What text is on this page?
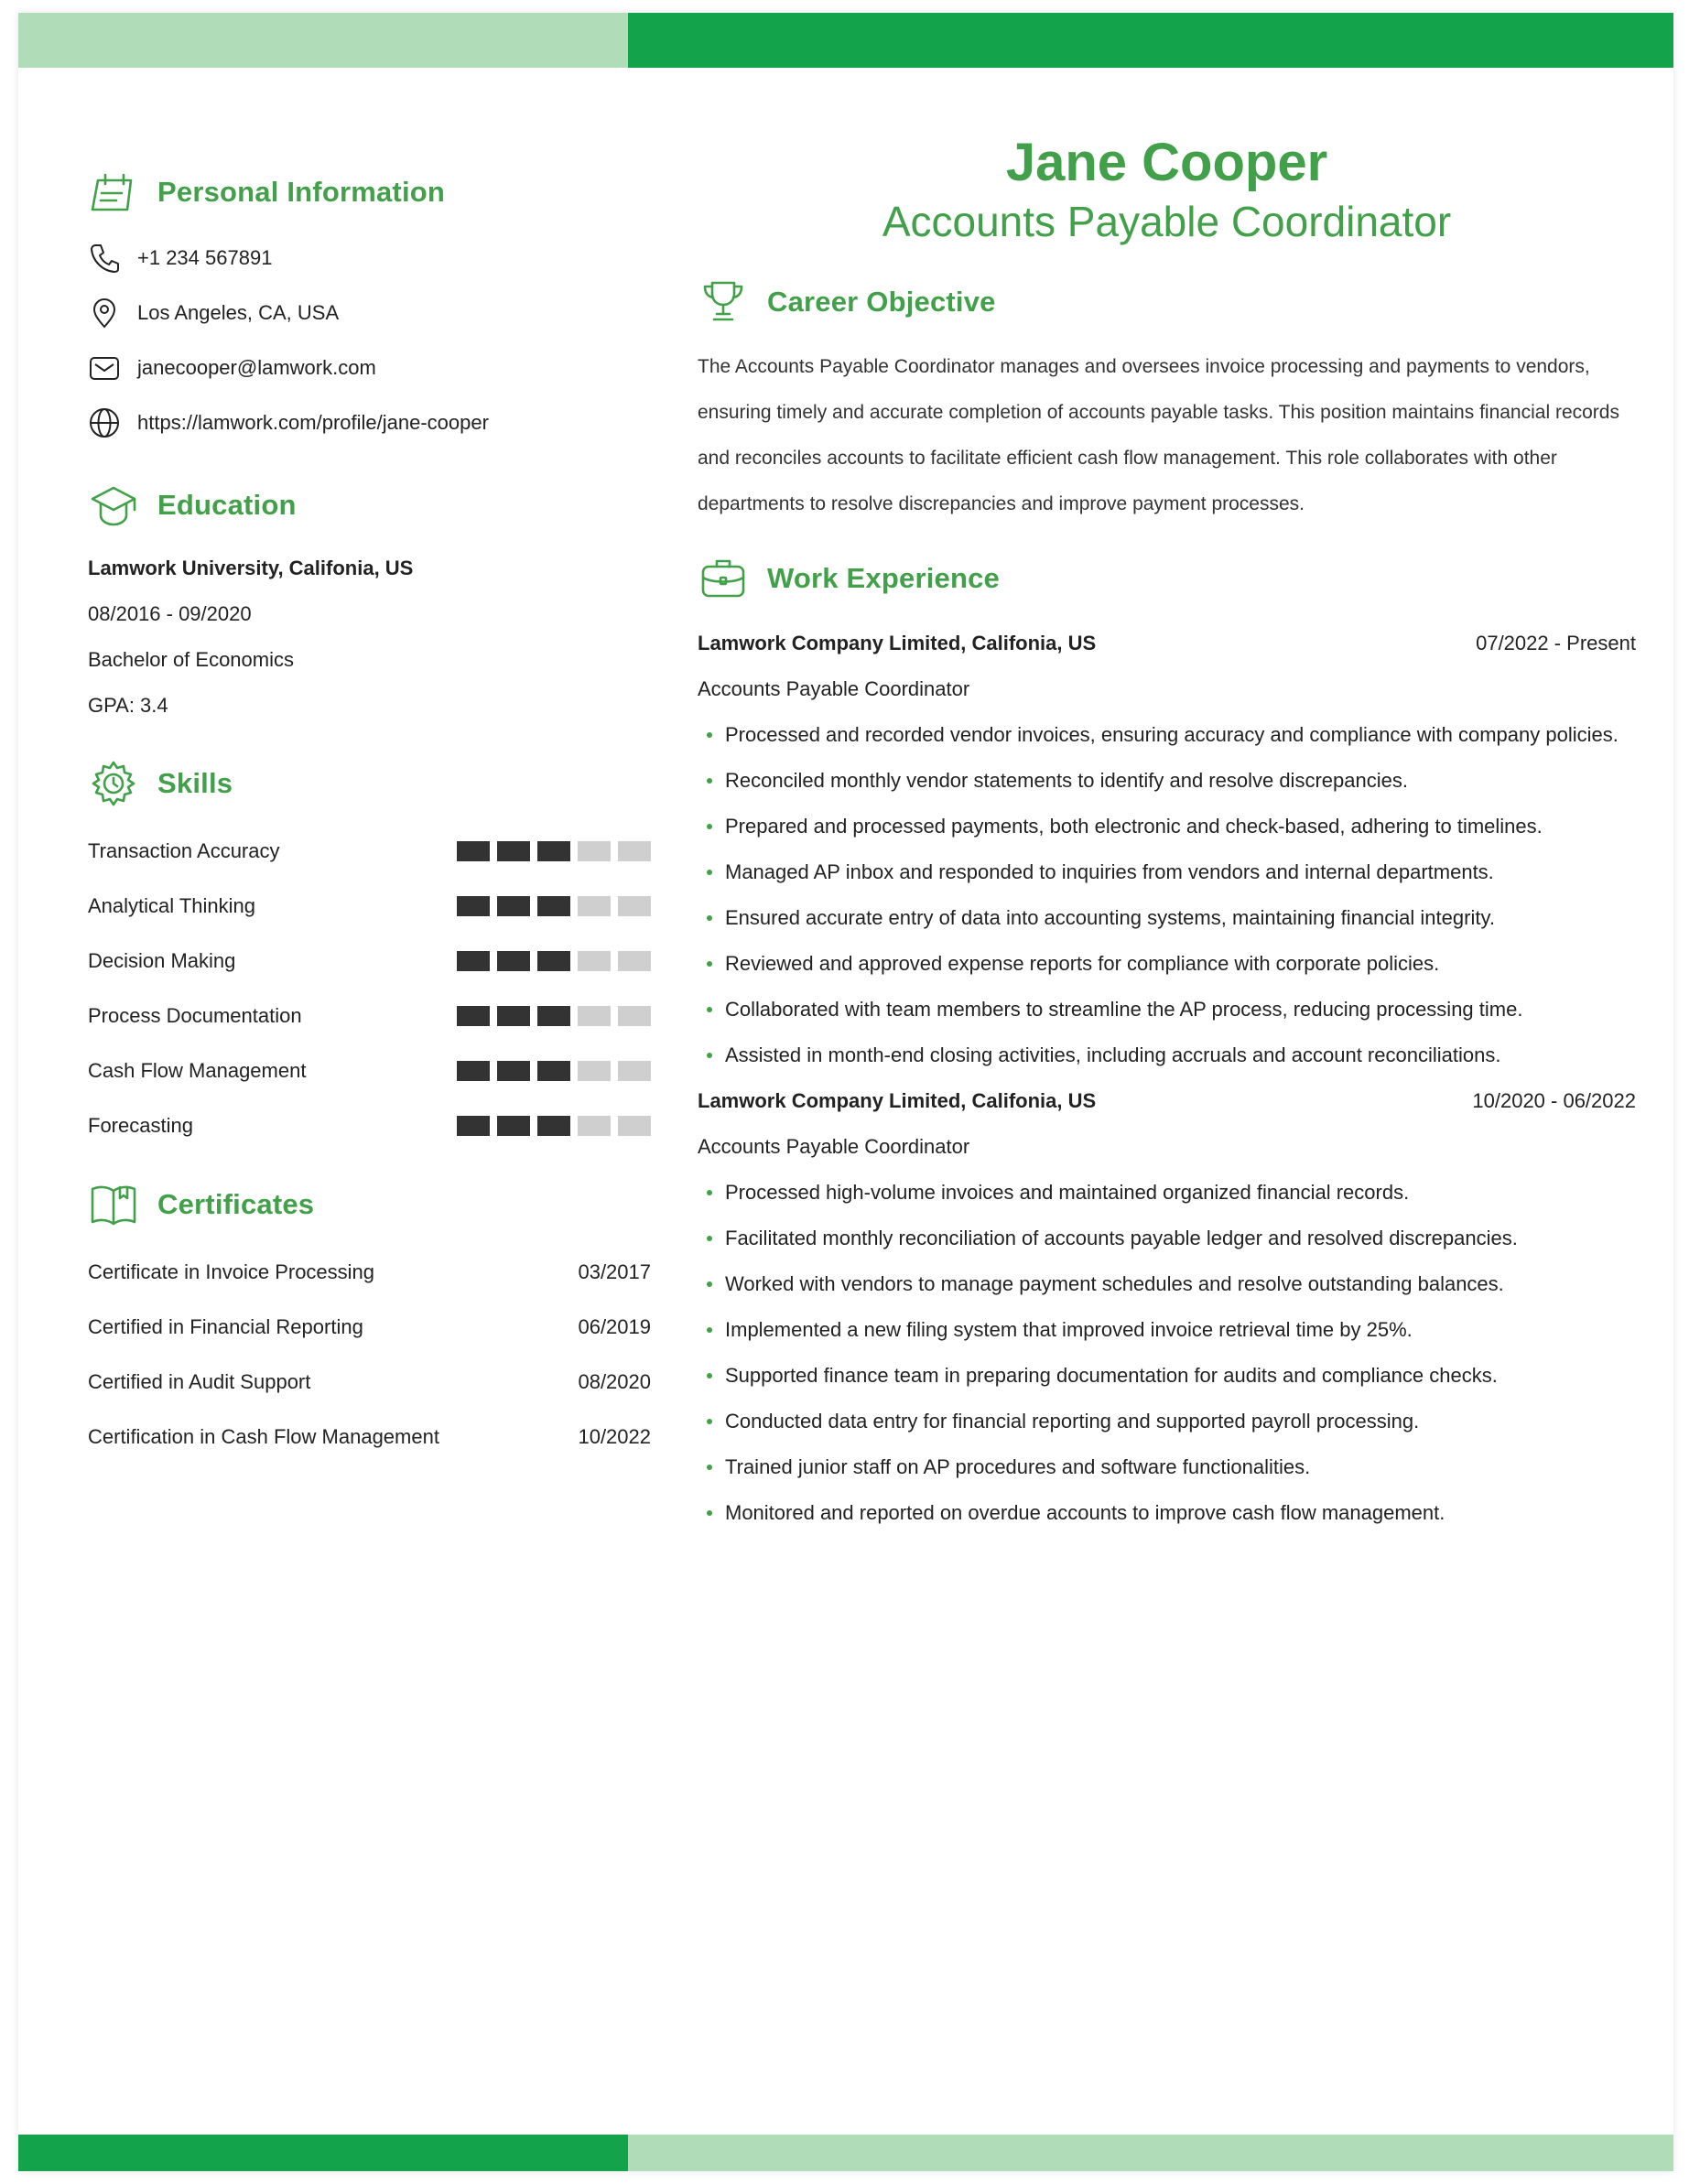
Personal Information
+1 234 567891
Los Angeles, CA, USA
janecooper@lamwork.com
https://lamwork.com/profile/jane-cooper
Education
Lamwork University, Califonia, US
08/2016 - 09/2020
Bachelor of Economics
GPA: 3.4
Skills
Transaction Accuracy
Analytical Thinking
Decision Making
Process Documentation
Cash Flow Management
Forecasting
Certificates
Certificate in Invoice Processing	03/2017
Certified in Financial Reporting	06/2019
Certified in Audit Support	08/2020
Certification in Cash Flow Management	10/2022
Jane Cooper
Accounts Payable Coordinator
Career Objective
The Accounts Payable Coordinator manages and oversees invoice processing and payments to vendors, ensuring timely and accurate completion of accounts payable tasks. This position maintains financial records and reconciles accounts to facilitate efficient cash flow management. This role collaborates with other departments to resolve discrepancies and improve payment processes.
Work Experience
Lamwork Company Limited, Califonia, US	07/2022 - Present
Accounts Payable Coordinator
Processed and recorded vendor invoices, ensuring accuracy and compliance with company policies.
Reconciled monthly vendor statements to identify and resolve discrepancies.
Prepared and processed payments, both electronic and check-based, adhering to timelines.
Managed AP inbox and responded to inquiries from vendors and internal departments.
Ensured accurate entry of data into accounting systems, maintaining financial integrity.
Reviewed and approved expense reports for compliance with corporate policies.
Collaborated with team members to streamline the AP process, reducing processing time.
Assisted in month-end closing activities, including accruals and account reconciliations.
Lamwork Company Limited, Califonia, US	10/2020 - 06/2022
Accounts Payable Coordinator
Processed high-volume invoices and maintained organized financial records.
Facilitated monthly reconciliation of accounts payable ledger and resolved discrepancies.
Worked with vendors to manage payment schedules and resolve outstanding balances.
Implemented a new filing system that improved invoice retrieval time by 25%.
Supported finance team in preparing documentation for audits and compliance checks.
Conducted data entry for financial reporting and supported payroll processing.
Trained junior staff on AP procedures and software functionalities.
Monitored and reported on overdue accounts to improve cash flow management.
